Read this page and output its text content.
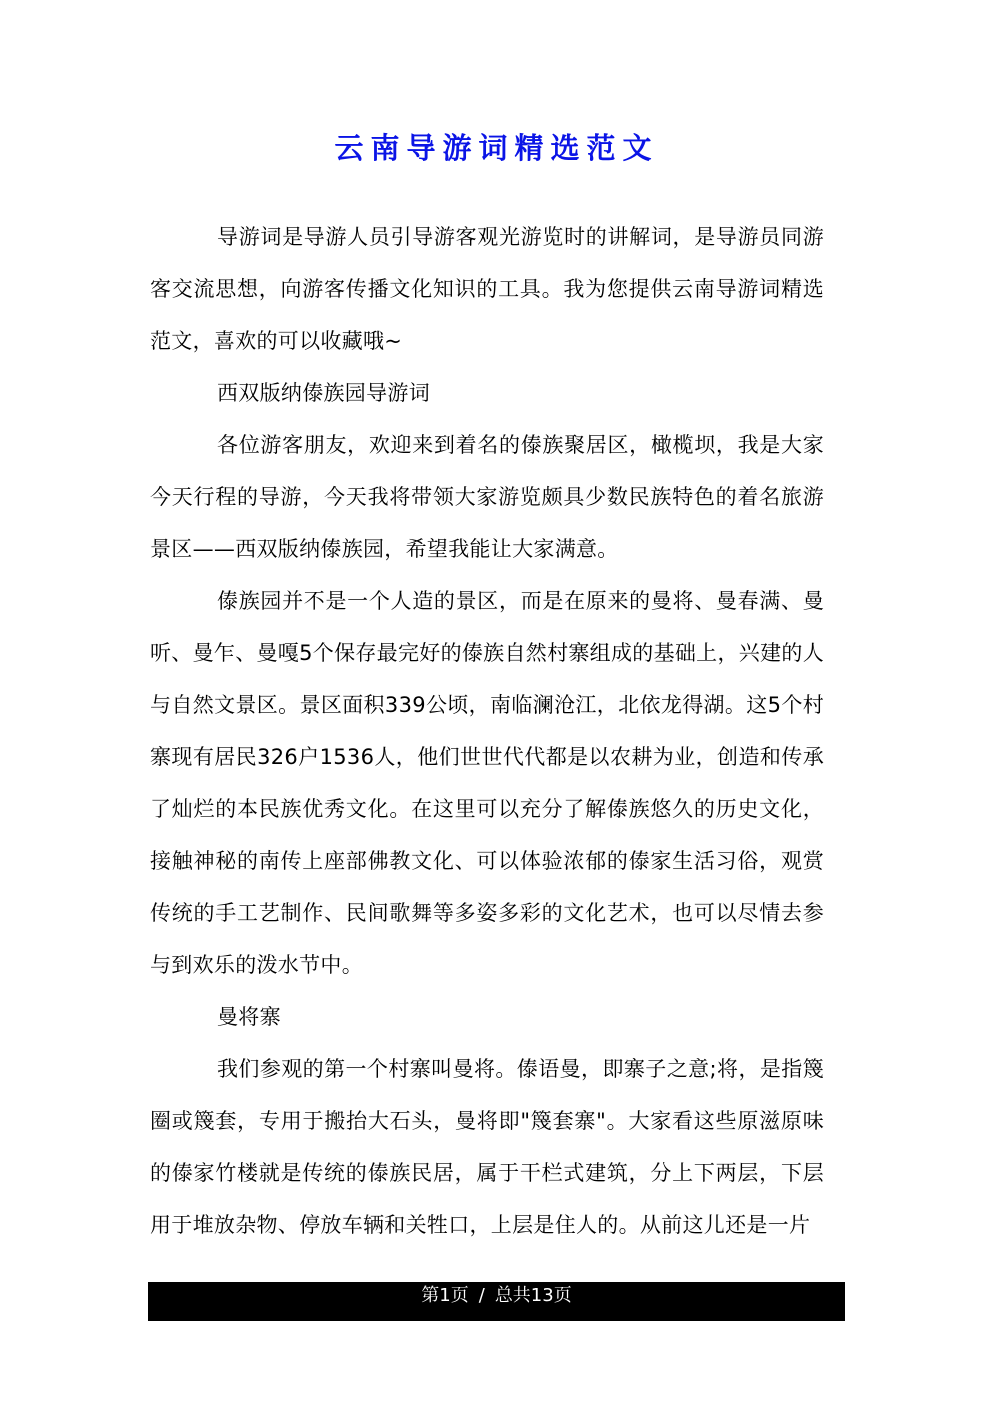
云南导游词精选范文

导游词是导游人员引导游客观光游览时的讲解词，是导游员同游客交流思想，向游客传播文化知识的工具。我为您提供云南导游词精选范文，喜欢的可以收藏哦~

西双版纳傣族园导游词

各位游客朋友，欢迎来到着名的傣族聚居区，橄榄坝，我是大家今天行程的导游，今天我将带领大家游览颇具少数民族特色的着名旅游景区——西双版纳傣族园，希望我能让大家满意。

傣族园并不是一个人造的景区，而是在原来的曼将、曼春满、曼听、曼乍、曼嘎5个保存最完好的傣族自然村寨组成的基础上，兴建的人与自然文景区。景区面积339公顷，南临澜沧江，北依龙得湖。这5个村寨现有居民326户1536人，他们世世代代都是以农耕为业，创造和传承了灿烂的本民族优秀文化。在这里可以充分了解傣族悠久的历史文化，接触神秘的南传上座部佛教文化、可以体验浓郁的傣家生活习俗，观赏传统的手工艺制作、民间歌舞等多姿多彩的文化艺术，也可以尽情去参与到欢乐的泼水节中。

曼将寨

我们参观的第一个村寨叫曼将。傣语曼，即寨子之意;将，是指篾圈或篾套，专用于搬抬大石头，曼将即"篾套寨"。大家看这些原滋原味的傣家竹楼就是传统的傣族民居，属于干栏式建筑，分上下两层，下层用于堆放杂物、停放车辆和关牲口，上层是住人的。从前这儿还是一片

第1页 / 总共13页
